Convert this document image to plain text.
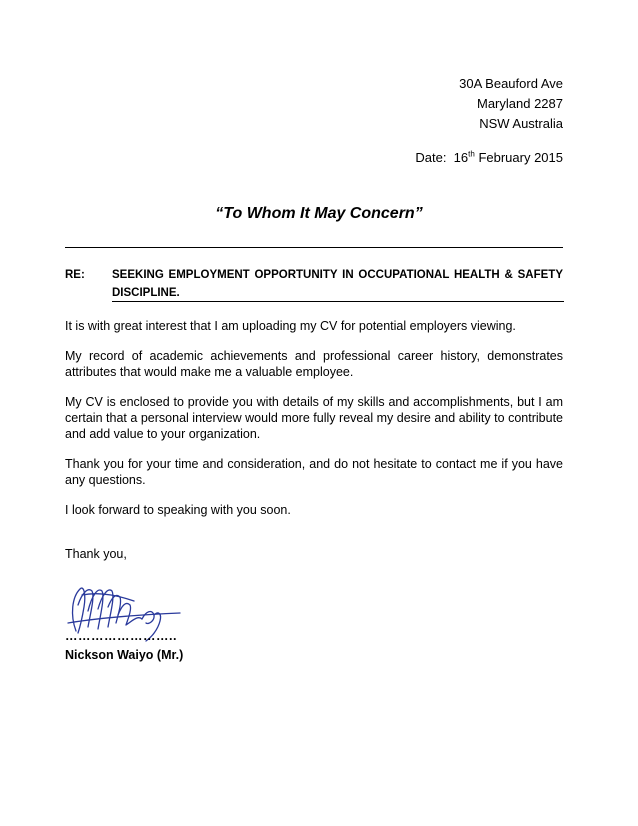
30A Beauford Ave
Maryland 2287
NSW Australia
Date: 16th February 2015
“To Whom It May Concern”
RE: SEEKING EMPLOYMENT OPPORTUNITY IN OCCUPATIONAL HEALTH & SAFETY
DISCIPLINE.

It is with great interest that I am uploading my CV for potential employers viewing.

My record of academic achievements and professional career history, demonstrates attributes that would make me a valuable employee.

My CV is enclosed to provide you with details of my skills and accomplishments, but I am certain that a personal interview would more fully reveal my desire and ability to contribute and add value to your organization.

Thank you for your time and consideration, and do not hesitate to contact me if you have any questions.

I look forward to speaking with you soon.

Thank you,
……………………..
Nickson Waiyo (Mr.)
